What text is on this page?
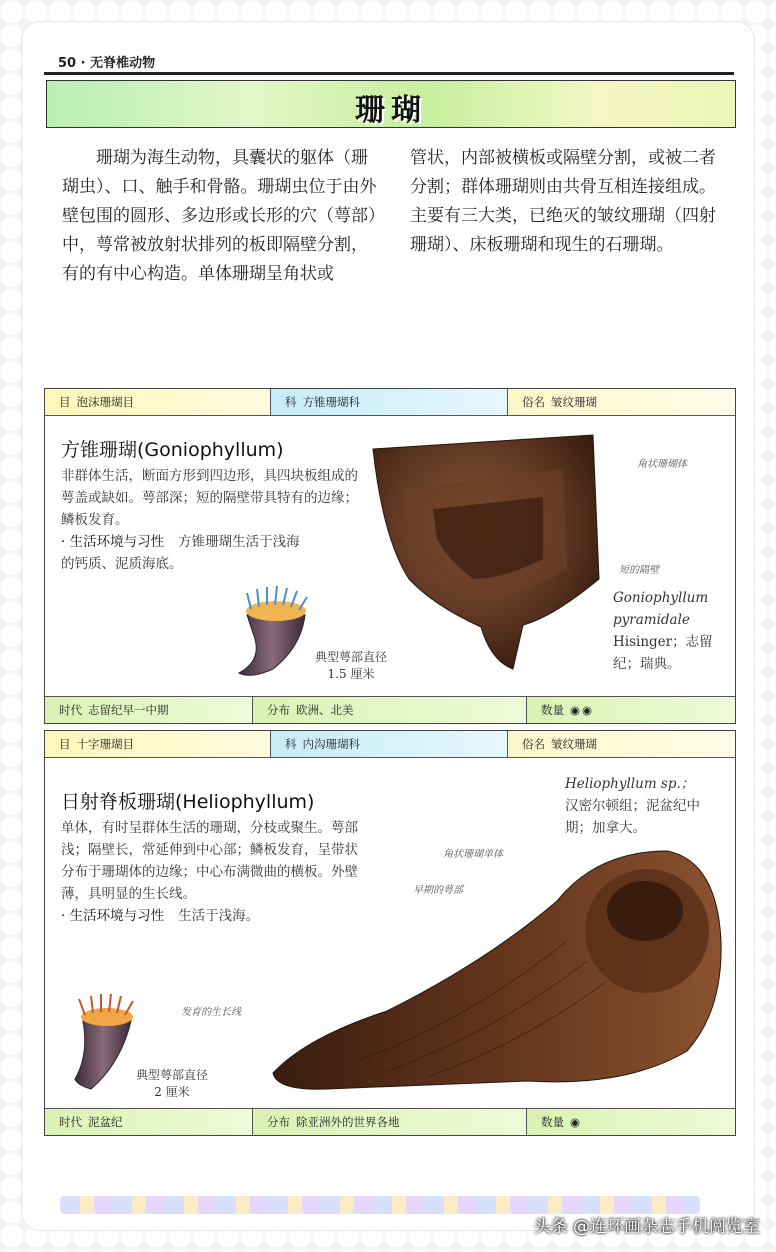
50 · 无脊椎动物
珊瑚

　　珊瑚为海生动物，具囊状的躯体（珊瑚虫）、口、触手和骨骼。珊瑚虫位于由外壁包围的圆形、多边形或长形的穴（萼部）中，萼常被放射状排列的板即隔壁分割，有的有中心构造。单体珊瑚呈角状或

管状，内部被横板或隔壁分割，或被二者分割；群体珊瑚则由共骨互相连接组成。主要有三大类，已绝灭的皱纹珊瑚（四射珊瑚）、床板珊瑚和现生的石珊瑚。

目 泡沫珊瑚目	科 方锥珊瑚科	俗名 皱纹珊瑚
方锥珊瑚(Goniophyllum)

非群体生活，断面方形到四边形，具四块板组成的萼盖或缺如。萼部深；短的隔壁带具特有的边缘；鳞板发育。

· 生活环境与习性 方锥珊瑚生活于浅海的钙质、泥质海底。

典型萼部直径
1.5 厘米
角状珊瑚体
短的隔壁
Goniophyllum
pyramidale
Hisinger；志留纪；瑞典。
时代 志留纪早一中期	分布 欧洲、北美	数量 ◉◉
目 十字珊瑚目	科 内沟珊瑚科	俗名 皱纹珊瑚
日射脊板珊瑚(Heliophyllum)

单体，有时呈群体生活的珊瑚，分枝或聚生。萼部浅；隔壁长，常延伸到中心部；鳞板发育，呈带状分布于珊瑚体的边缘；中心布满微曲的横板。外壁薄，具明显的生长线。

· 生活环境与习性 生活于浅海。

Heliophyllum sp.；
汉密尔顿组；泥盆纪中期；加拿大。
典型萼部直径
2 厘米
角状珊瑚单体
早期的萼部
发育的生长线
时代 泥盆纪	分布 除亚洲外的世界各地	数量 ◉
头条 @连环画杂志手机阅览室
